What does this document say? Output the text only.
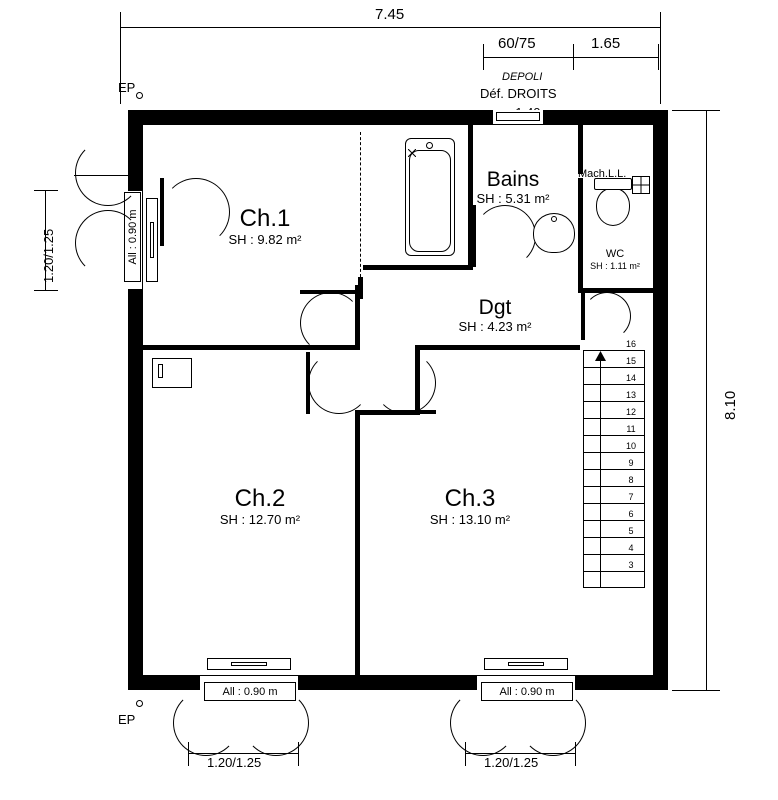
7.45
60/75	1.65
DEPOLI
Déf. DROITS
EP
EP
8.10
1.20/1.25
1.20/1.25	1.20/1.25
All : 0.90 m
All : 0.90 m	All : 0.90 m
Mach.L.L.
16
15
14
13
12
11
10
9
8
7
6
5
4
3
Ch.1
SH : 9.82 m²
Ch.2
SH : 12.70 m²
Ch.3
SH : 13.10 m²
Bains
SH : 5.31 m²
Dgt
SH : 4.23 m²
WC
SH : 1.11 m²
